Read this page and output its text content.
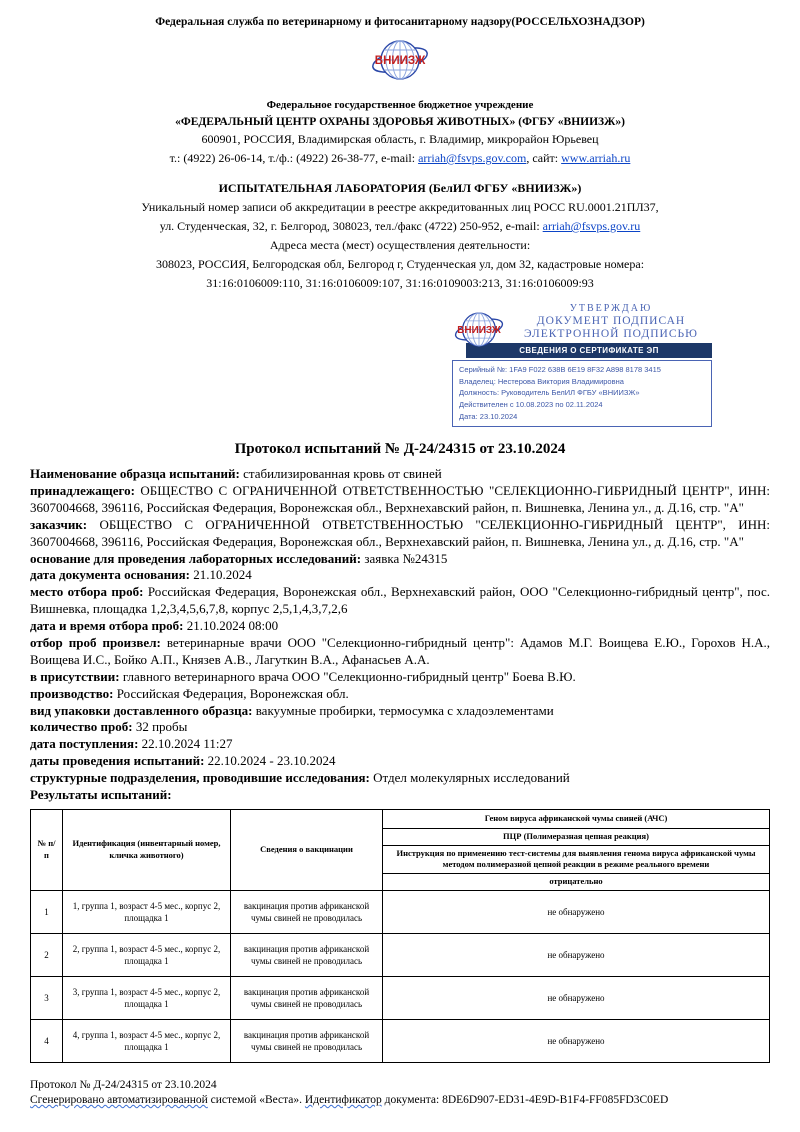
Федеральная служба по ветеринарному и фитосанитарному надзору(РОССЕЛЬХОЗНАДЗОР)
ВНИИЗЖ
Федеральное государственное бюджетное учреждение
«ФЕДЕРАЛЬНЫЙ ЦЕНТР ОХРАНЫ ЗДОРОВЬЯ ЖИВОТНЫХ» (ФГБУ «ВНИИЗЖ»)
600901, РОССИЯ, Владимирская область, г. Владимир, микрорайон Юрьевец
т.: (4922) 26-06-14, т./ф.: (4922) 26-38-77, e-mail: arriah@fsvps.gov.com, сайт: www.arriah.ru
ИСПЫТАТЕЛЬНАЯ ЛАБОРАТОРИЯ (БелИЛ ФГБУ «ВНИИЗЖ»)
Уникальный номер записи об аккредитации в реестре аккредитованных лиц РОСС RU.0001.21ПЛ37,
ул. Студенческая, 32, г. Белгород, 308023, тел./факс (4722) 250-952, e-mail: arriah@fsvps.gov.ru
Адреса места (мест) осуществления деятельности:
308023, РОССИЯ, Белгородская обл, Белгород г, Студенческая ул, дом 32, кадастровые номера:
31:16:0106009:110, 31:16:0106009:107, 31:16:0109003:213, 31:16:0106009:93
ВНИИЗЖ
УТВЕРЖДАЮ
ДОКУМЕНТ ПОДПИСАН
ЭЛЕКТРОННОЙ ПОДПИСЬЮ
СВЕДЕНИЯ О СЕРТИФИКАТЕ ЭП
Серийный №: 1FA9 F022 638B 6E19 8F32 A898 8178 3415
Владелец: Нестерова Виктория Владимировна
Должность: Руководитель БелИЛ ФГБУ «ВНИИЗЖ»
Действителен с 10.08.2023 по 02.11.2024
Дата: 23.10.2024
Протокол испытаний № Д-24/24315 от 23.10.2024

Наименование образца испытаний: стабилизированная кровь от свиней

принадлежащего: ОБЩЕСТВО С ОГРАНИЧЕННОЙ ОТВЕТСТВЕННОСТЬЮ "СЕЛЕКЦИОННО-ГИБРИДНЫЙ ЦЕНТР", ИНН: 3607004668, 396116, Российская Федерация, Воронежская обл., Верхнехавский район, п. Вишневка, Ленина ул., д. Д.16, стр. "А"

заказчик: ОБЩЕСТВО С ОГРАНИЧЕННОЙ ОТВЕТСТВЕННОСТЬЮ "СЕЛЕКЦИОННО-ГИБРИДНЫЙ ЦЕНТР", ИНН: 3607004668, 396116, Российская Федерация, Воронежская обл., Верхнехавский район, п. Вишневка, Ленина ул., д. Д.16, стр. "А"

основание для проведения лабораторных исследований: заявка №24315

дата документа основания: 21.10.2024

место отбора проб: Российская Федерация, Воронежская обл., Верхнехавский район, ООО "Селекционно-гибридный центр", пос. Вишневка, площадка 1,2,3,4,5,6,7,8, корпус 2,5,1,4,3,7,2,6

дата и время отбора проб: 21.10.2024 08:00

отбор проб произвел: ветеринарные врачи ООО "Селекционно-гибридный центр": Адамов М.Г. Воищева Е.Ю., Горохов Н.А., Воищева И.С., Бойко А.П., Князев А.В., Лагуткин В.А., Афанасьев А.А.

в присутствии: главного ветеринарного врача ООО "Селекционно-гибридный центр" Боева В.Ю.

производство: Российская Федерация, Воронежская обл.

вид упаковки доставленного образца: вакуумные пробирки, термосумка с хладоэлементами

количество проб: 32 пробы

дата поступления: 22.10.2024 11:27

даты проведения испытаний: 22.10.2024 - 23.10.2024

структурные подразделения, проводившие исследования: Отдел молекулярных исследований

Результаты испытаний:

№ п/п	Идентификация (инвентарный номер, кличка животного)	Сведения о вакцинации	Геном вируса африканской чумы свиней (АЧС)
			ПЦР (Полимеразная цепная реакция)
			Инструкция по применению тест-системы для выявления генома вируса африканской чумы методом полимеразной цепной реакции в режиме реального времени
			отрицательно
1	1, группа 1, возраст 4-5 мес., корпус 2, площадка 1	вакцинация против африканской чумы свиней не проводилась	не обнаружено
2	2, группа 1, возраст 4-5 мес., корпус 2, площадка 1	вакцинация против африканской чумы свиней не проводилась	не обнаружено
3	3, группа 1, возраст 4-5 мес., корпус 2, площадка 1	вакцинация против африканской чумы свиней не проводилась	не обнаружено
4	4, группа 1, возраст 4-5 мес., корпус 2, площадка 1	вакцинация против африканской чумы свиней не проводилась	не обнаружено
Протокол № Д-24/24315 от 23.10.2024
Сгенерировано автоматизированной системой «Веста». Идентификатор документа: 8DE6D907-ED31-4E9D-B1F4-FF085FD3C0ED
